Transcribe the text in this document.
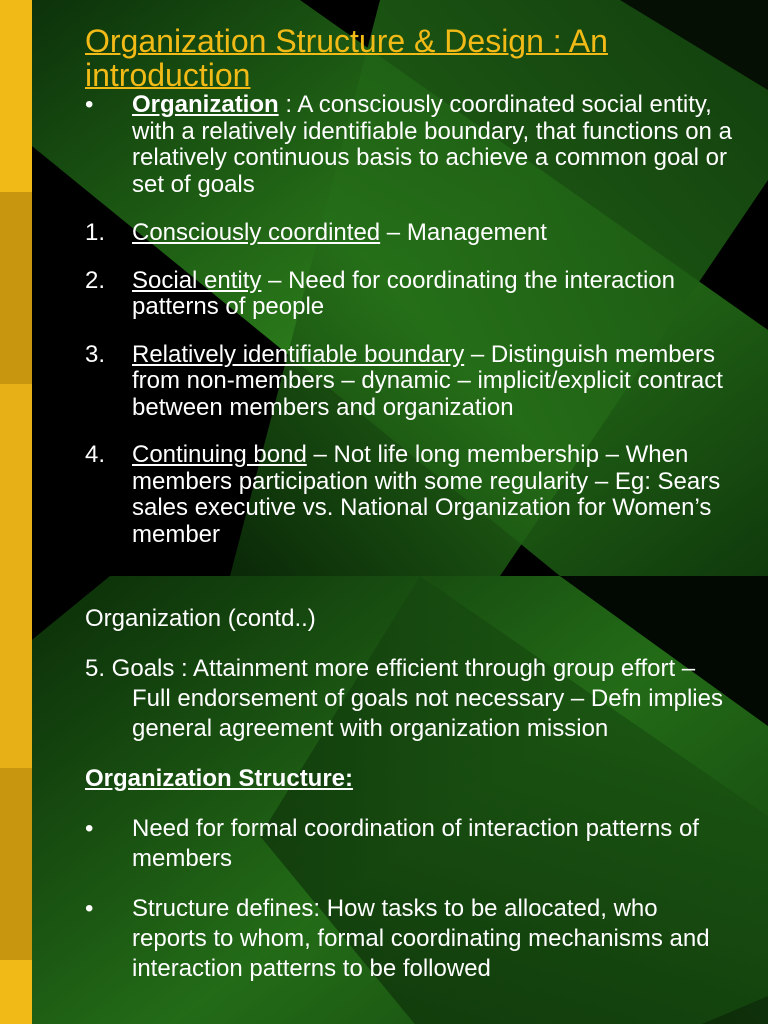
Organization Structure & Design : An introduction
• Organization : A consciously coordinated social entity, with a relatively identifiable boundary, that functions on a relatively continuous basis to achieve a common goal or set of goals
1. Consciously coordinted – Management
2. Social entity – Need for coordinating the interaction patterns of people
3. Relatively identifiable boundary – Distinguish members from non-members – dynamic – implicit/explicit contract between members and organization
4. Continuing bond – Not life long membership – When members participation with some regularity – Eg: Sears sales executive vs. National Organization for Women’s member
Organization (contd..)
5. Goals : Attainment more efficient through group effort – Full endorsement of goals not necessary – Defn implies general agreement with organization mission
Organization Structure:
• Need for formal coordination of interaction patterns of members
• Structure defines: How tasks to be allocated, who reports to whom, formal coordinating mechanisms and interaction patterns to be followed
